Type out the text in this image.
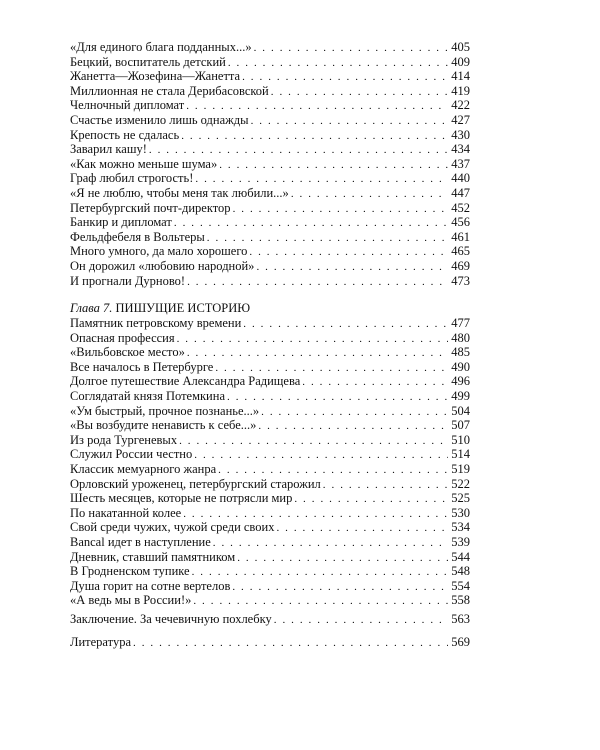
«Для единого блага подданных...» . . .	405
Бецкий, воспитатель детский . . .	409
Жанетта—Жозефина—Жанетта . . .	414
Миллионная не стала Дерибасовской . . .	419
Челночный дипломат . . .	422
Счастье изменило лишь однажды . . .	427
Крепость не сдалась . . .	430
Заварил кашу! . . .	434
«Как можно меньше шума» . . .	437
Граф любил строгость! . . .	440
«Я не люблю, чтобы меня так любили...» . . .	447
Петербургский почт-директор . . .	452
Банкир и дипломат . . .	456
Фельдфебеля в Вольтеры . . .	461
Много умного, да мало хорошего . . .	465
Он дорожил «любовию народной» . . .	469
И прогнали Дурново! . . .	473
Глава 7. ПИШУЩИЕ ИСТОРИЮ
Памятник петровскому времени . . .	477
Опасная профессия . . .	480
«Вильбовское место» . . .	485
Все началось в Петербурге . . .	490
Долгое путешествие Александра Радищева . . .	496
Соглядатай князя Потемкина . . .	499
«Ум быстрый, прочное познанье...» . . .	504
«Вы возбудите ненависть к себе...» . . .	507
Из рода Тургеневых . . .	510
Служил России честно . . .	514
Классик мемуарного жанра . . .	519
Орловский уроженец, петербургский старожил . . .	522
Шесть месяцев, которые не потрясли мир . . .	525
По накатанной колее . . .	530
Свой среди чужих, чужой среди своих . . .	534
Bancal идет в наступление . . .	539
Дневник, ставший памятником . . .	544
В Гродненском тупике . . .	548
Душа горит на сотне вертелов . . .	554
«А ведь мы в России!» . . .	558
Заключение. За чечевичную похлебку . . .	563
Литература . . .	569
